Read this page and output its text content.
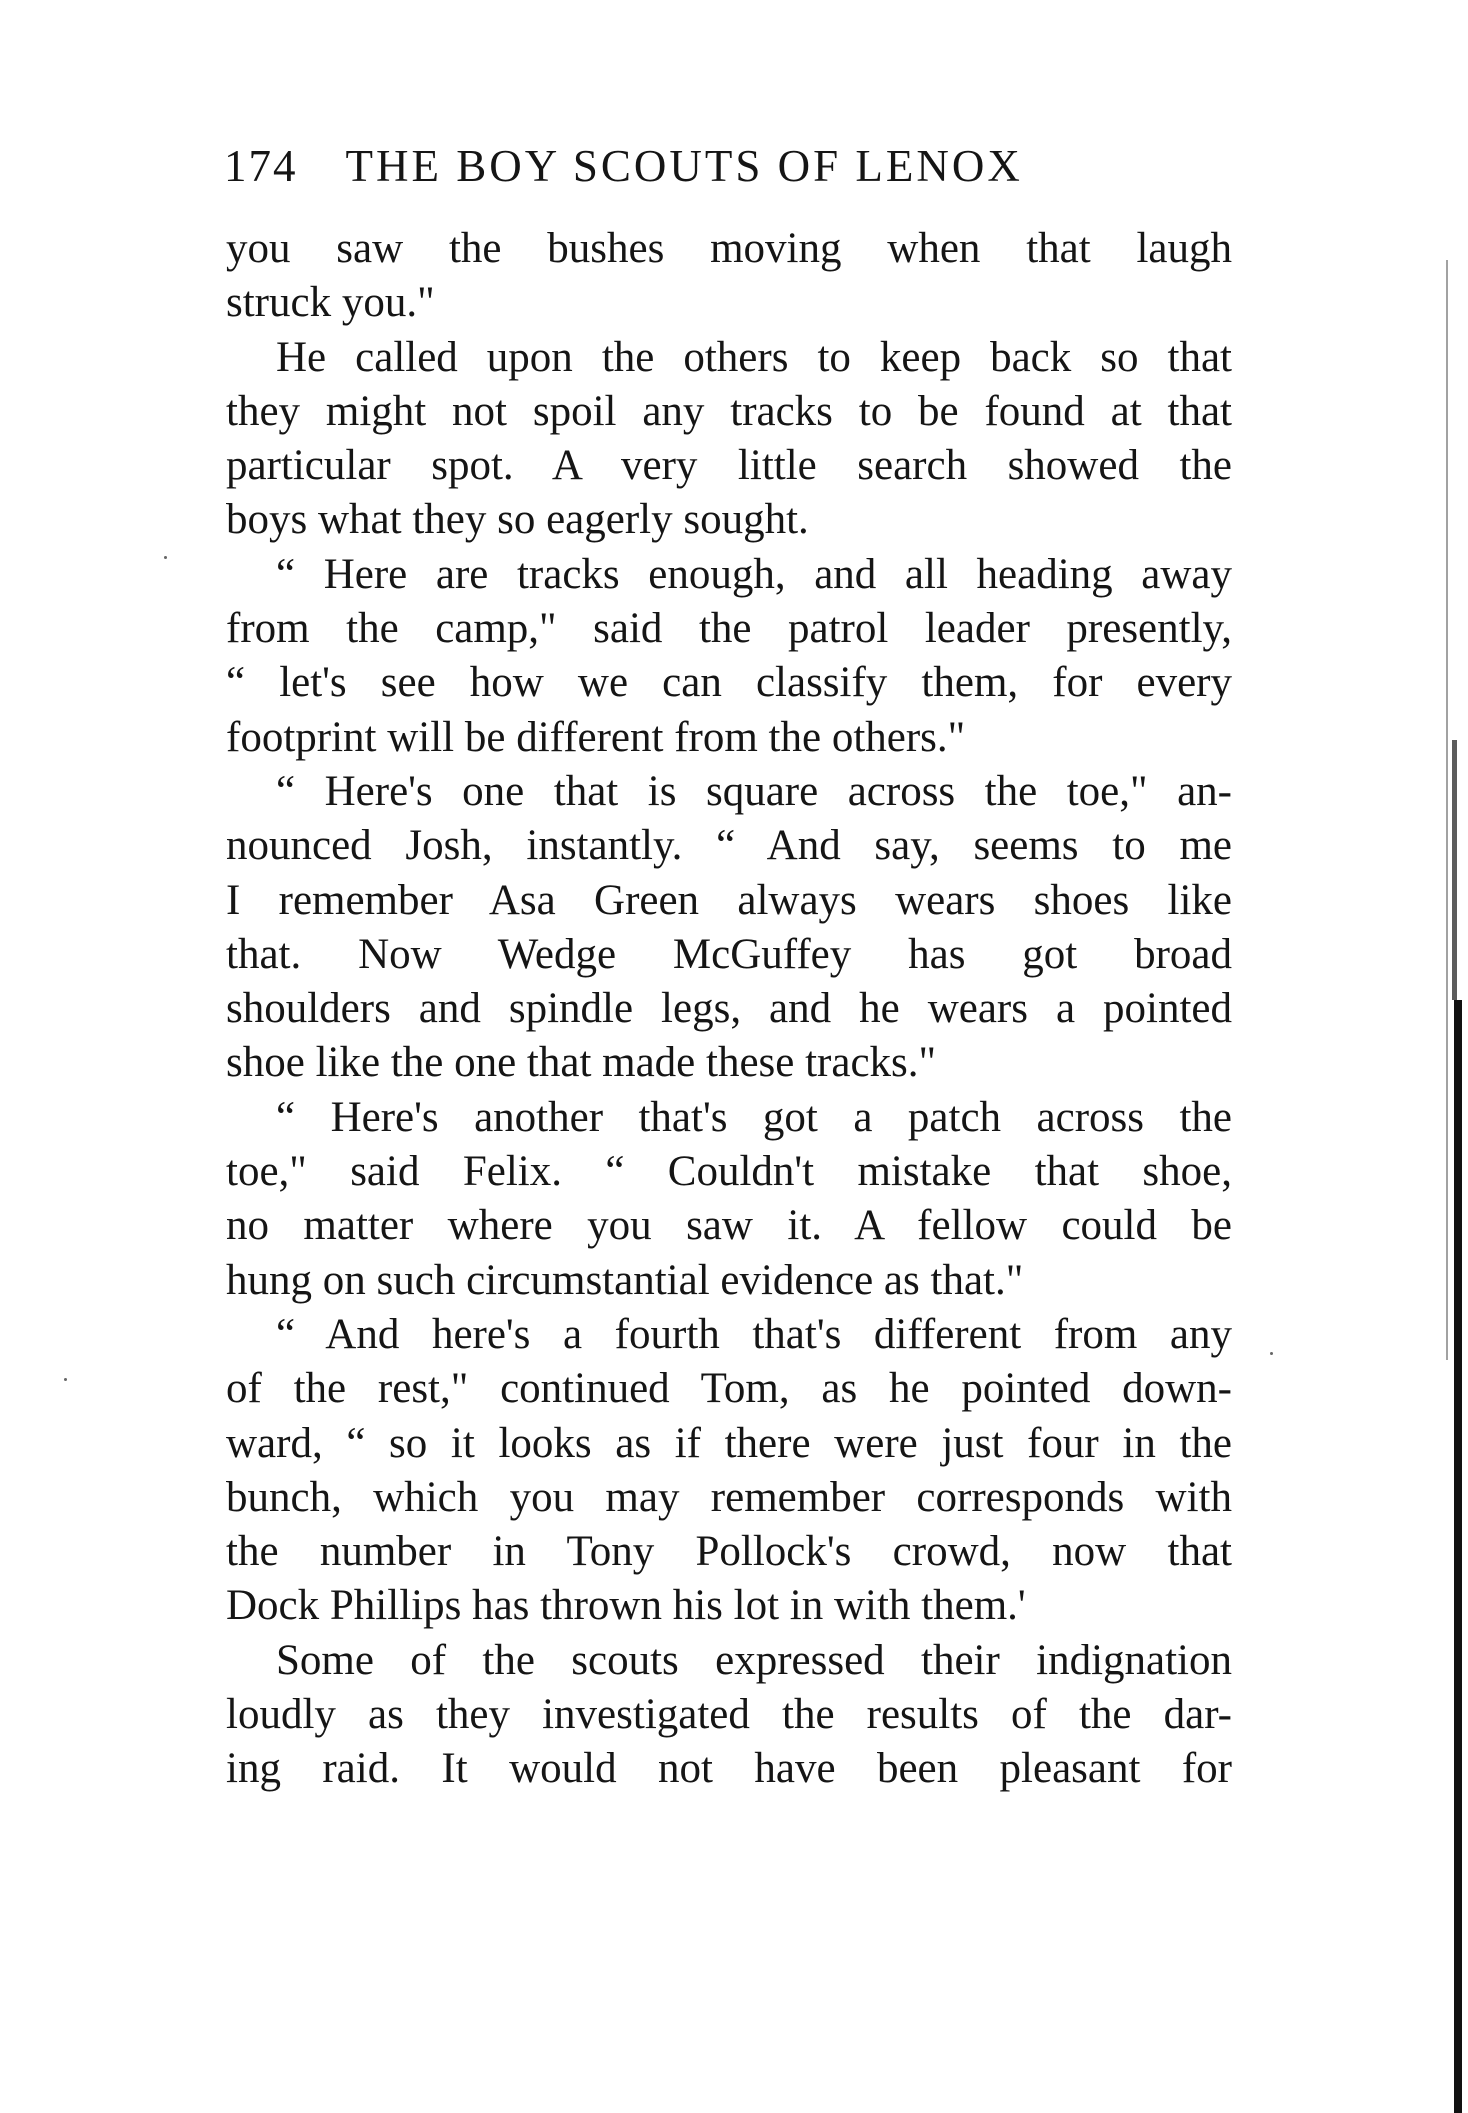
174 THE BOY SCOUTS OF LENOX
you saw the bushes moving when that laugh
struck you."
He called upon the others to keep back so that
they might not spoil any tracks to be found at that
particular spot. A very little search showed the
boys what they so eagerly sought.
“ Here are tracks enough, and all heading away
from the camp," said the patrol leader presently,
“ let's see how we can classify them, for every
footprint will be different from the others."
“ Here's one that is square across the toe," an-
nounced Josh, instantly. “ And say, seems to me
I remember Asa Green always wears shoes like
that. Now Wedge McGuffey has got broad
shoulders and spindle legs, and he wears a pointed
shoe like the one that made these tracks."
“ Here's another that's got a patch across the
toe," said Felix. “ Couldn't mistake that shoe,
no matter where you saw it. A fellow could be
hung on such circumstantial evidence as that."
“ And here's a fourth that's different from any
of the rest," continued Tom, as he pointed down-
ward, “ so it looks as if there were just four in the
bunch, which you may remember corresponds with
the number in Tony Pollock's crowd, now that
Dock Phillips has thrown his lot in with them.'
Some of the scouts expressed their indignation
loudly as they investigated the results of the dar-
ing raid. It would not have been pleasant for
